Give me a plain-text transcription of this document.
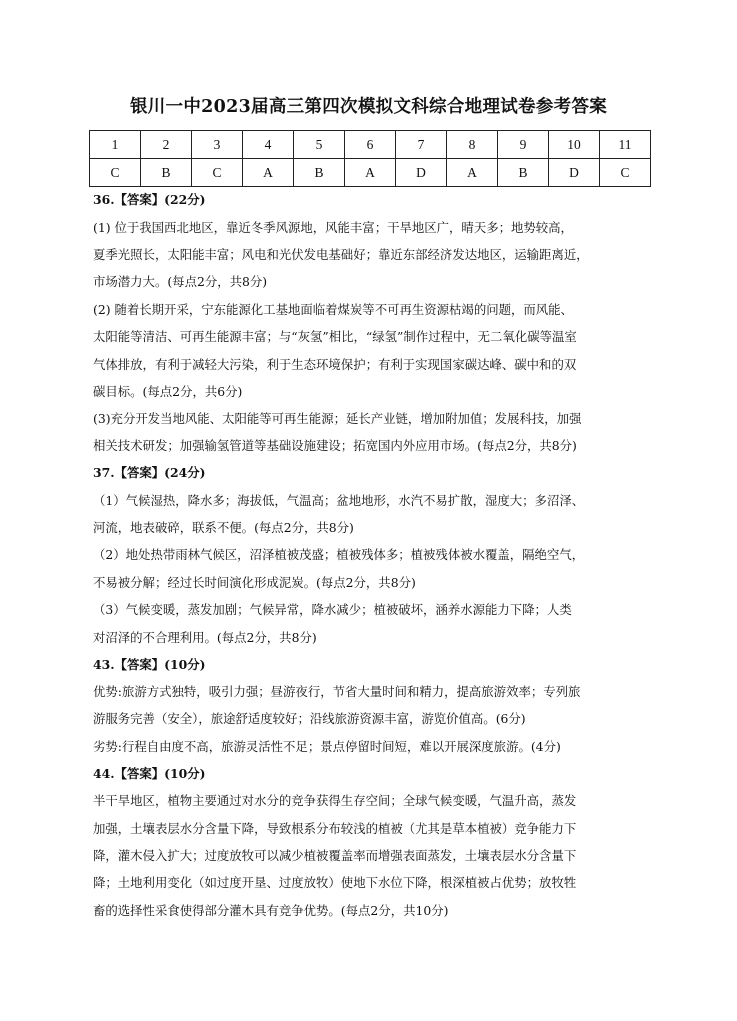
银川一中2023届高三第四次模拟文科综合地理试卷参考答案
1	2	3	4	5	6	7	8	9	10	11
C	B	C	A	B	A	D	A	B	D	C
36.【答案】(22分)
(1) 位于我国西北地区，靠近冬季风源地，风能丰富；干旱地区广，晴天多；地势较高，
夏季光照长，太阳能丰富；风电和光伏发电基础好；靠近东部经济发达地区，运输距离近，
市场潜力大。(每点2分，共8分)
(2) 随着长期开采，宁东能源化工基地面临着煤炭等不可再生资源枯竭的问题，而风能、
太阳能等清洁、可再生能源丰富；与“灰氢”相比，“绿氢”制作过程中，无二氧化碳等温室
气体排放，有利于减轻大污染，利于生态环境保护；有利于实现国家碳达峰、碳中和的双
碳目标。(每点2分，共6分)
(3)充分开发当地风能、太阳能等可再生能源；延长产业链，增加附加值；发展科技，加强
相关技术研发；加强输氢管道等基础设施建设；拓宽国内外应用市场。(每点2分，共8分)
37.【答案】(24分)
（1）气候湿热，降水多；海拔低，气温高；盆地地形，水汽不易扩散，湿度大；多沼泽、
河流，地表破碎，联系不便。(每点2分，共8分)
（2）地处热带雨林气候区，沼泽植被茂盛；植被残体多；植被残体被水覆盖，隔绝空气，
不易被分解；经过长时间演化形成泥炭。(每点2分，共8分)
（3）气候变暖，蒸发加剧；气候异常，降水减少；植被破坏，涵养水源能力下降；人类
对沼泽的不合理利用。(每点2分，共8分)
43.【答案】(10分)
优势:旅游方式独特，吸引力强；昼游夜行，节省大量时间和精力，提高旅游效率；专列旅
游服务完善（安全），旅途舒适度较好；沿线旅游资源丰富，游览价值高。(6分)
劣势:行程自由度不高，旅游灵活性不足；景点停留时间短，难以开展深度旅游。(4分)
44.【答案】(10分)
半干旱地区，植物主要通过对水分的竞争获得生存空间；全球气候变暖，气温升高，蒸发
加强，土壤表层水分含量下降，导致根系分布较浅的植被（尤其是草本植被）竞争能力下
降，灌木侵入扩大；过度放牧可以减少植被覆盖率而增强表面蒸发，土壤表层水分含量下
降；土地利用变化（如过度开垦、过度放牧）使地下水位下降，根深植被占优势；放牧牲
畜的选择性采食使得部分灌木具有竞争优势。(每点2分，共10分)
